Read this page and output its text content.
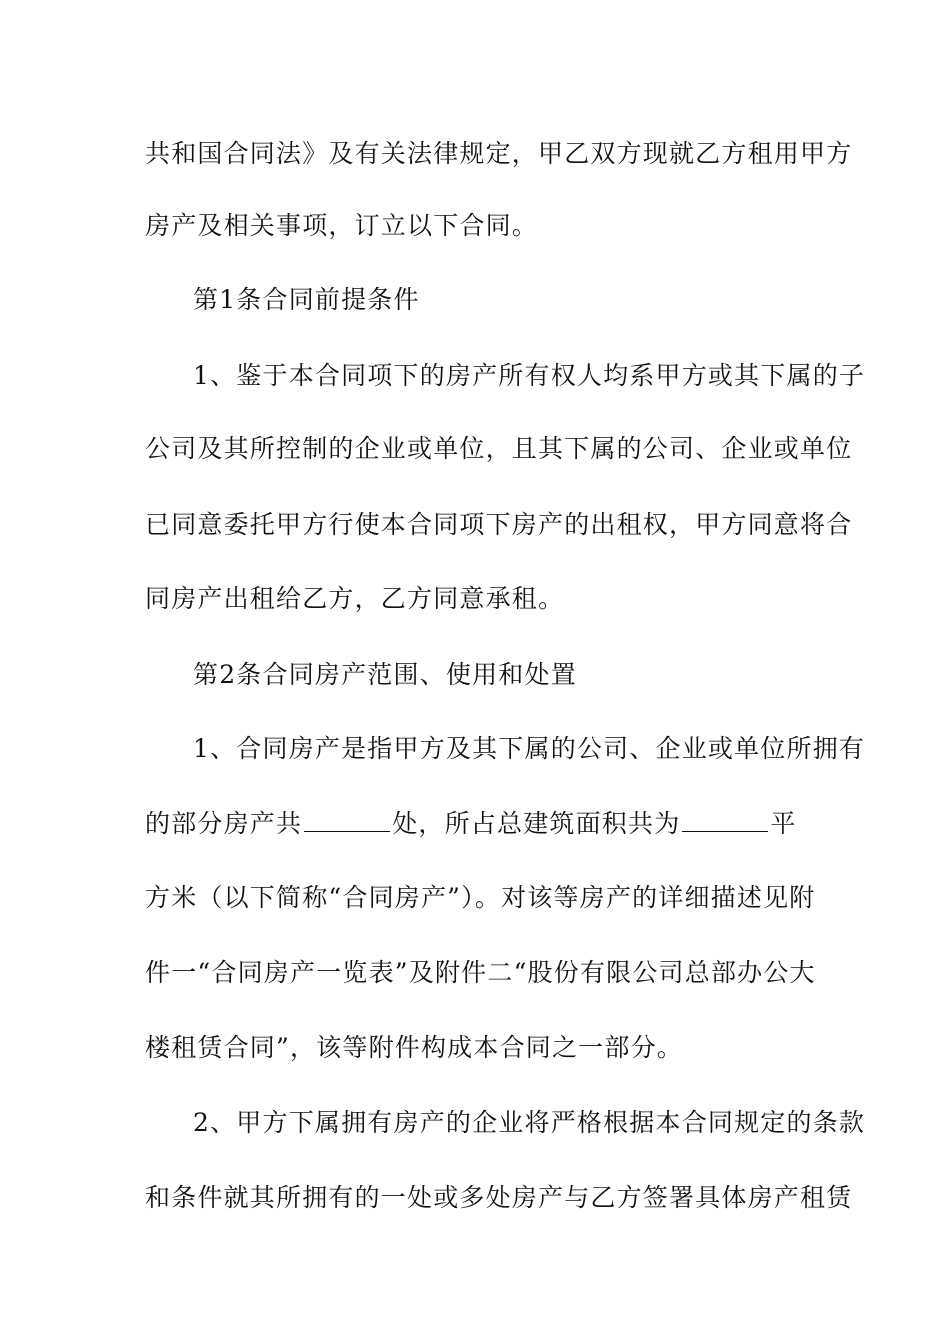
共和国合同法》及有关法律规定，甲乙双方现就乙方租用甲方
房产及相关事项，订立以下合同。
第1条合同前提条件
1、鉴于本合同项下的房产所有权人均系甲方或其下属的子
公司及其所控制的企业或单位，且其下属的公司、企业或单位
已同意委托甲方行使本合同项下房产的出租权，甲方同意将合
同房产出租给乙方，乙方同意承租。
第2条合同房产范围、使用和处置
1、合同房产是指甲方及其下属的公司、企业或单位所拥有
的部分房产共	处，所占总建筑面积共为	平
方米（以下简称“合同房产”）。对该等房产的详细描述见附
件一“合同房产一览表”及附件二“股份有限公司总部办公大
楼租赁合同”，该等附件构成本合同之一部分。
2、甲方下属拥有房产的企业将严格根据本合同规定的条款
和条件就其所拥有的一处或多处房产与乙方签署具体房产租赁
